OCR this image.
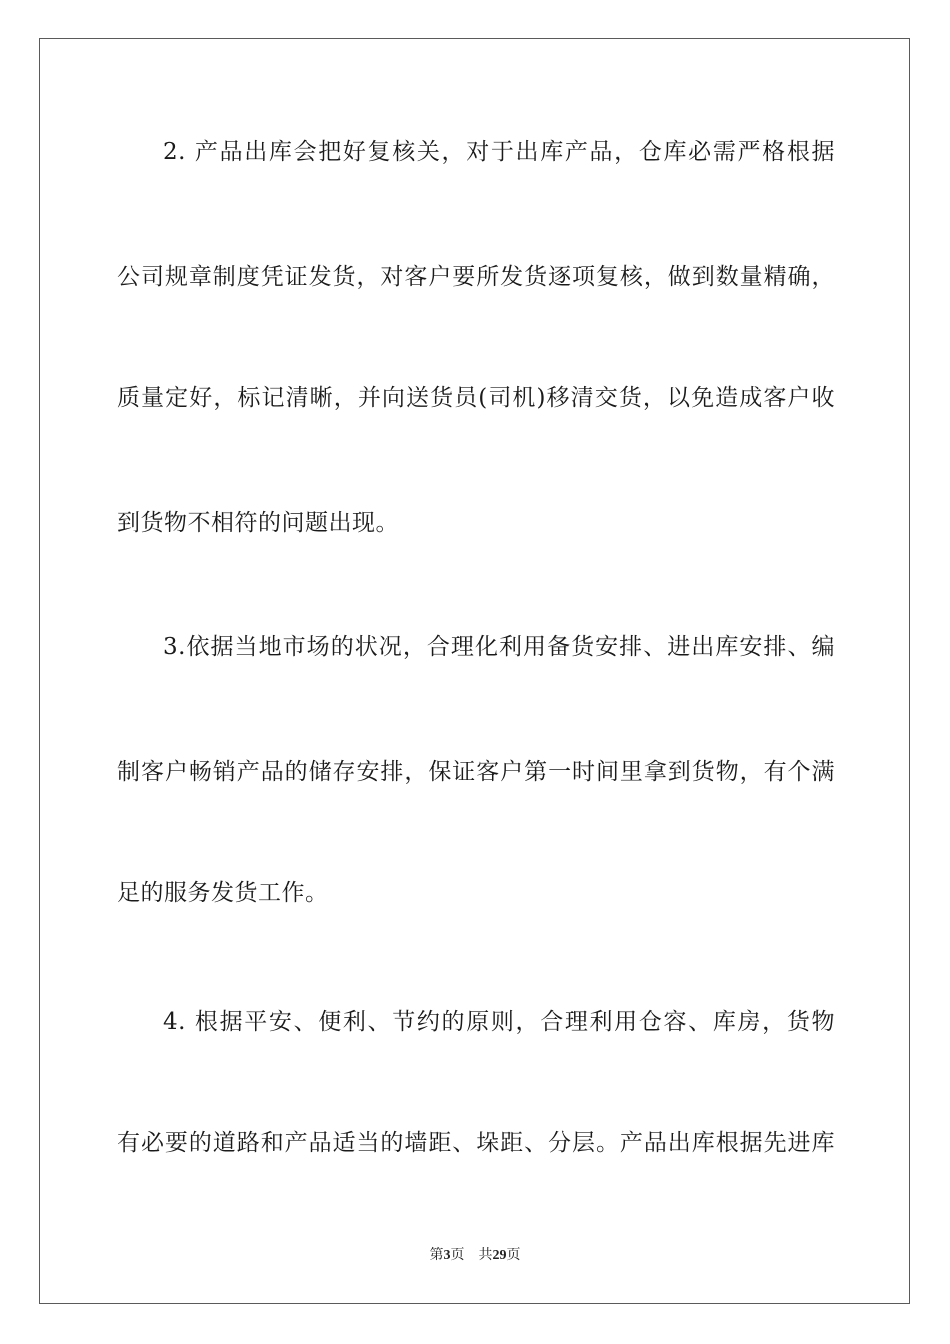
2. 产品出库会把好复核关，对于出库产品，仓库必需严格根据

公司规章制度凭证发货，对客户要所发货逐项复核，做到数量精确，

质量定好，标记清晰，并向送货员(司机)移清交货，以免造成客户收

到货物不相符的问题出现。

3.依据当地市场的状况，合理化利用备货安排、进出库安排、编

制客户畅销产品的储存安排，保证客户第一时间里拿到货物，有个满

足的服务发货工作。

4. 根据平安、便利、节约的原则，合理利用仓容、库房，货物

有必要的道路和产品适当的墙距、垛距、分层。产品出库根据先进库

第3页 共29页
